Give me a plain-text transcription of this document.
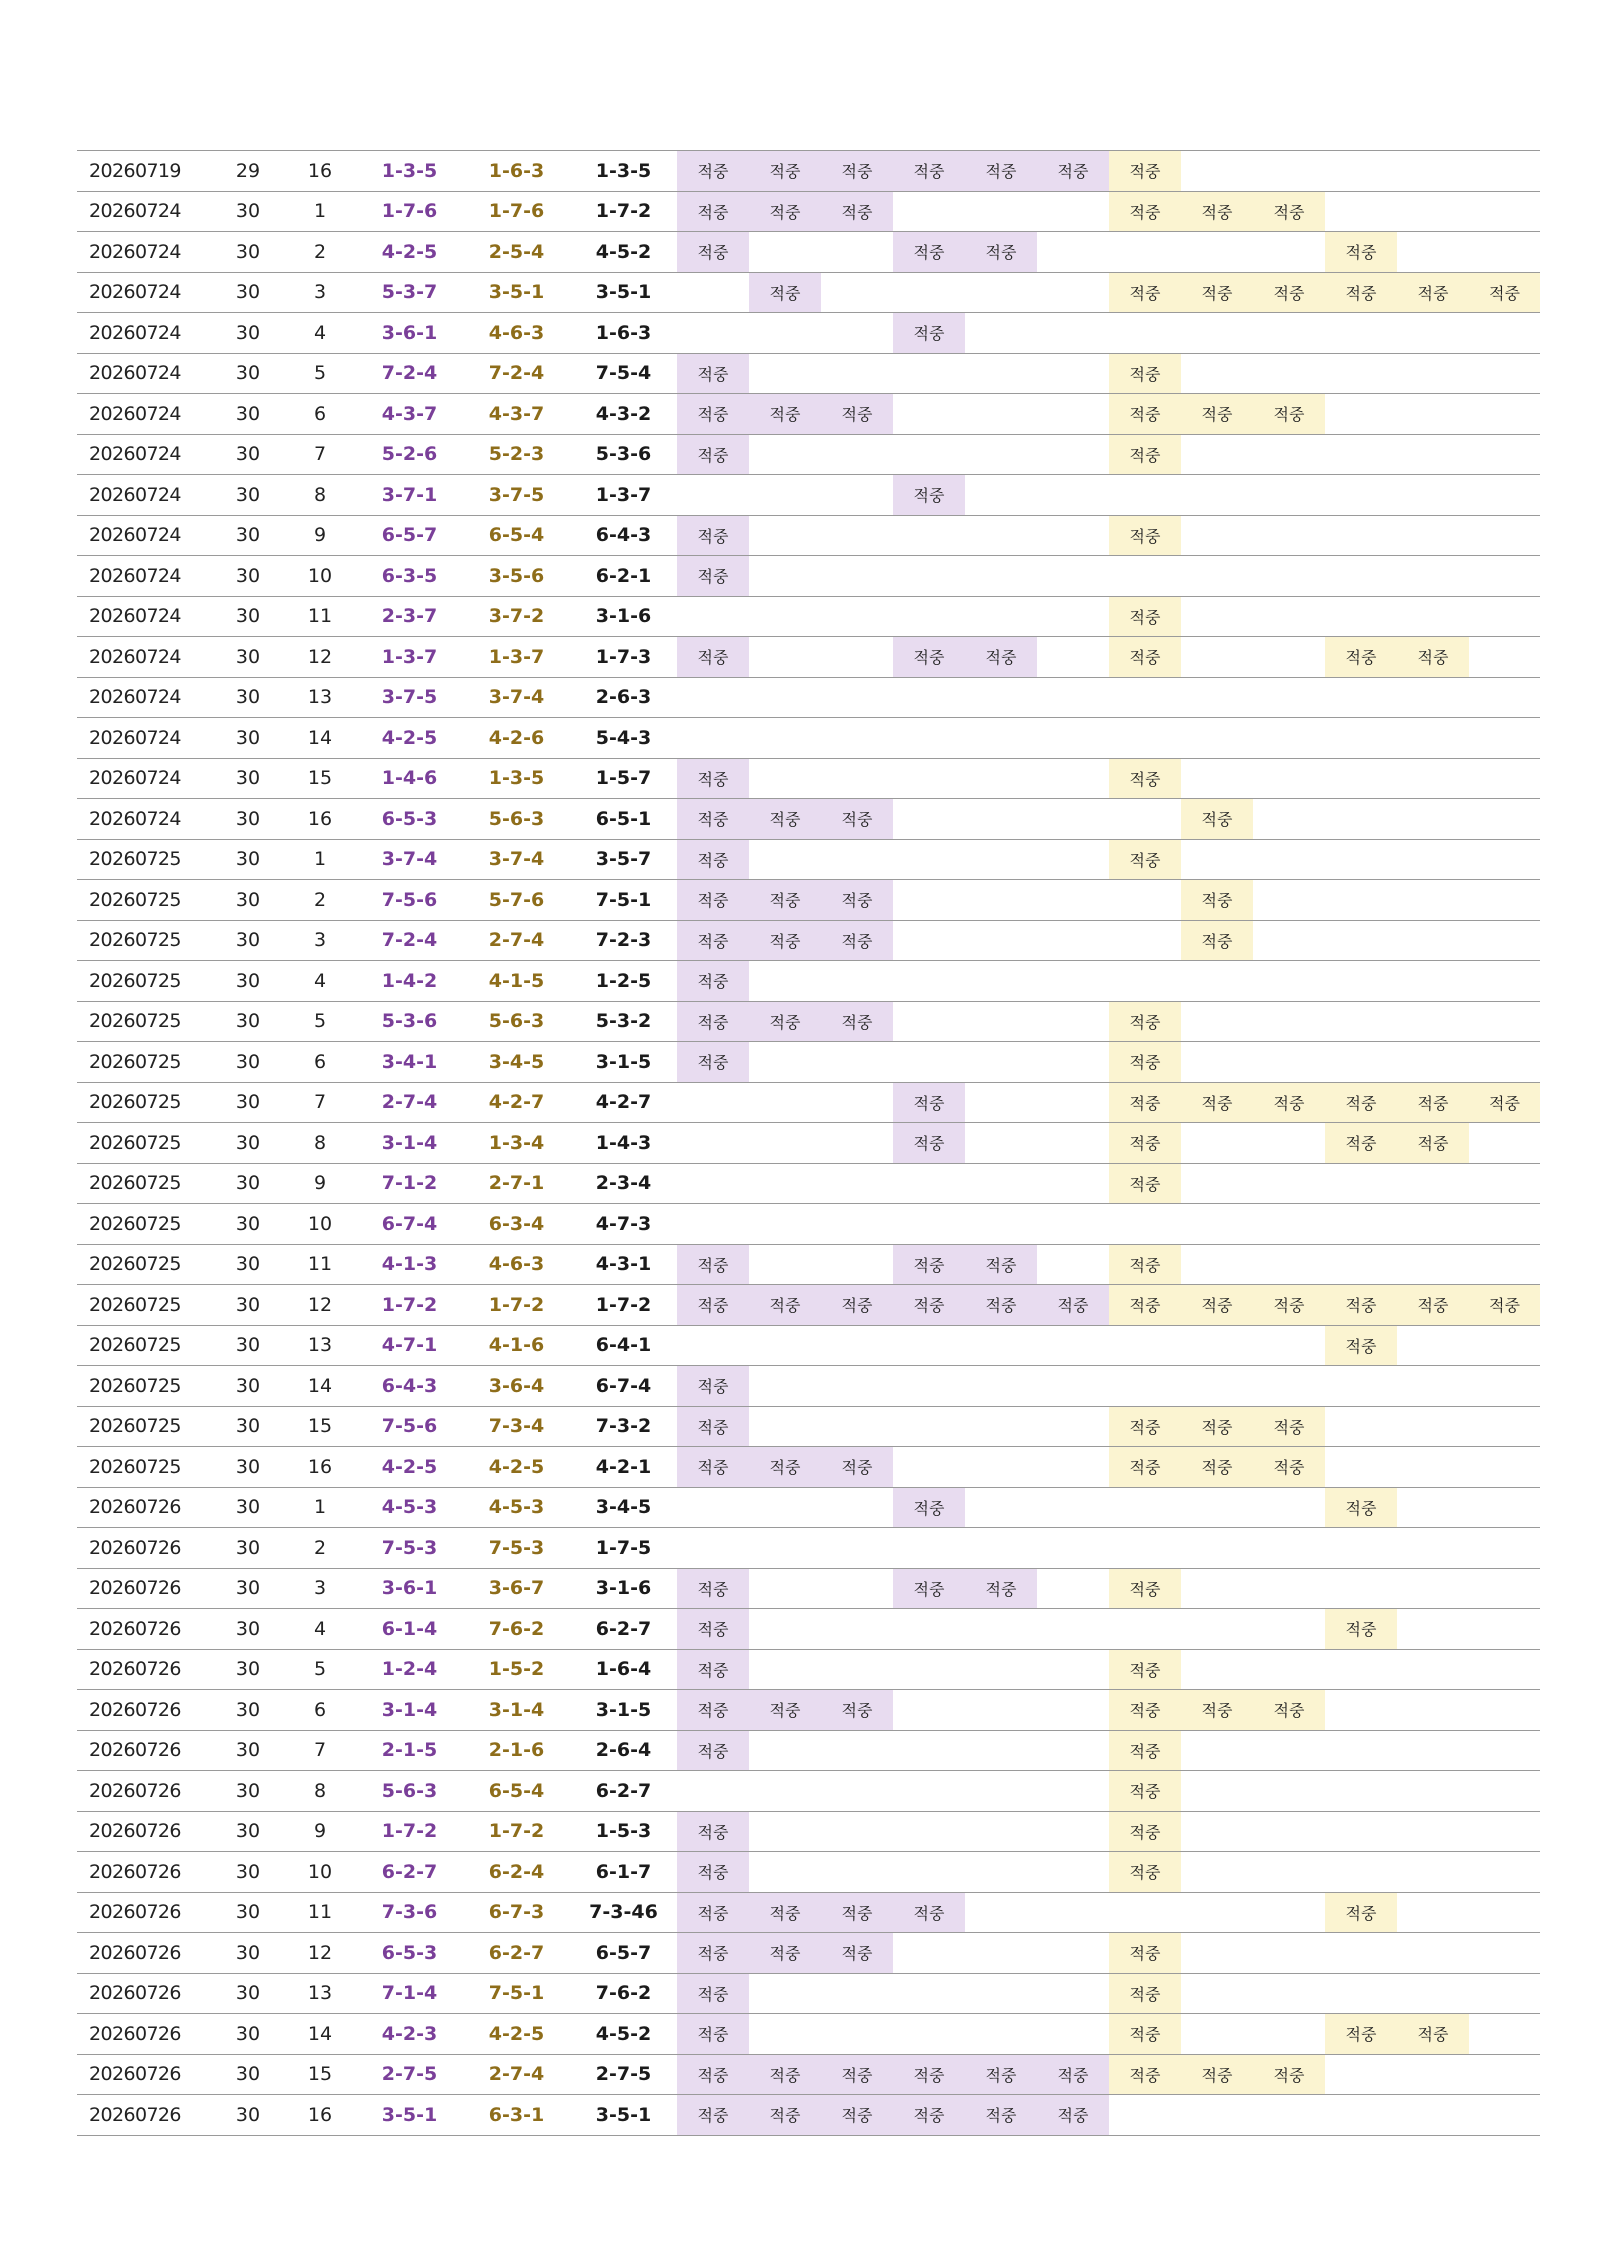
20260719	29	16	1-3-5	1-6-3	1-3-5	적중	적중	적중	적중	적중	적중	적중					
20260724	30	1	1-7-6	1-7-6	1-7-2	적중	적중	적중				적중	적중	적중			
20260724	30	2	4-2-5	2-5-4	4-5-2	적중			적중	적중					적중		
20260724	30	3	5-3-7	3-5-1	3-5-1		적중					적중	적중	적중	적중	적중	적중
20260724	30	4	3-6-1	4-6-3	1-6-3				적중								
20260724	30	5	7-2-4	7-2-4	7-5-4	적중						적중					
20260724	30	6	4-3-7	4-3-7	4-3-2	적중	적중	적중				적중	적중	적중			
20260724	30	7	5-2-6	5-2-3	5-3-6	적중						적중					
20260724	30	8	3-7-1	3-7-5	1-3-7				적중								
20260724	30	9	6-5-7	6-5-4	6-4-3	적중						적중					
20260724	30	10	6-3-5	3-5-6	6-2-1	적중											
20260724	30	11	2-3-7	3-7-2	3-1-6							적중					
20260724	30	12	1-3-7	1-3-7	1-7-3	적중			적중	적중		적중			적중	적중	
20260724	30	13	3-7-5	3-7-4	2-6-3												
20260724	30	14	4-2-5	4-2-6	5-4-3												
20260724	30	15	1-4-6	1-3-5	1-5-7	적중						적중					
20260724	30	16	6-5-3	5-6-3	6-5-1	적중	적중	적중					적중				
20260725	30	1	3-7-4	3-7-4	3-5-7	적중						적중					
20260725	30	2	7-5-6	5-7-6	7-5-1	적중	적중	적중					적중				
20260725	30	3	7-2-4	2-7-4	7-2-3	적중	적중	적중					적중				
20260725	30	4	1-4-2	4-1-5	1-2-5	적중											
20260725	30	5	5-3-6	5-6-3	5-3-2	적중	적중	적중				적중					
20260725	30	6	3-4-1	3-4-5	3-1-5	적중						적중					
20260725	30	7	2-7-4	4-2-7	4-2-7				적중			적중	적중	적중	적중	적중	적중
20260725	30	8	3-1-4	1-3-4	1-4-3				적중			적중			적중	적중	
20260725	30	9	7-1-2	2-7-1	2-3-4							적중					
20260725	30	10	6-7-4	6-3-4	4-7-3												
20260725	30	11	4-1-3	4-6-3	4-3-1	적중			적중	적중		적중					
20260725	30	12	1-7-2	1-7-2	1-7-2	적중	적중	적중	적중	적중	적중	적중	적중	적중	적중	적중	적중
20260725	30	13	4-7-1	4-1-6	6-4-1										적중		
20260725	30	14	6-4-3	3-6-4	6-7-4	적중											
20260725	30	15	7-5-6	7-3-4	7-3-2	적중						적중	적중	적중			
20260725	30	16	4-2-5	4-2-5	4-2-1	적중	적중	적중				적중	적중	적중			
20260726	30	1	4-5-3	4-5-3	3-4-5				적중						적중		
20260726	30	2	7-5-3	7-5-3	1-7-5												
20260726	30	3	3-6-1	3-6-7	3-1-6	적중			적중	적중		적중					
20260726	30	4	6-1-4	7-6-2	6-2-7	적중									적중		
20260726	30	5	1-2-4	1-5-2	1-6-4	적중						적중					
20260726	30	6	3-1-4	3-1-4	3-1-5	적중	적중	적중				적중	적중	적중			
20260726	30	7	2-1-5	2-1-6	2-6-4	적중						적중					
20260726	30	8	5-6-3	6-5-4	6-2-7							적중					
20260726	30	9	1-7-2	1-7-2	1-5-3	적중						적중					
20260726	30	10	6-2-7	6-2-4	6-1-7	적중						적중					
20260726	30	11	7-3-6	6-7-3	7-3-46	적중	적중	적중	적중						적중		
20260726	30	12	6-5-3	6-2-7	6-5-7	적중	적중	적중				적중					
20260726	30	13	7-1-4	7-5-1	7-6-2	적중						적중					
20260726	30	14	4-2-3	4-2-5	4-5-2	적중						적중			적중	적중	
20260726	30	15	2-7-5	2-7-4	2-7-5	적중	적중	적중	적중	적중	적중	적중	적중	적중			
20260726	30	16	3-5-1	6-3-1	3-5-1	적중	적중	적중	적중	적중	적중						
